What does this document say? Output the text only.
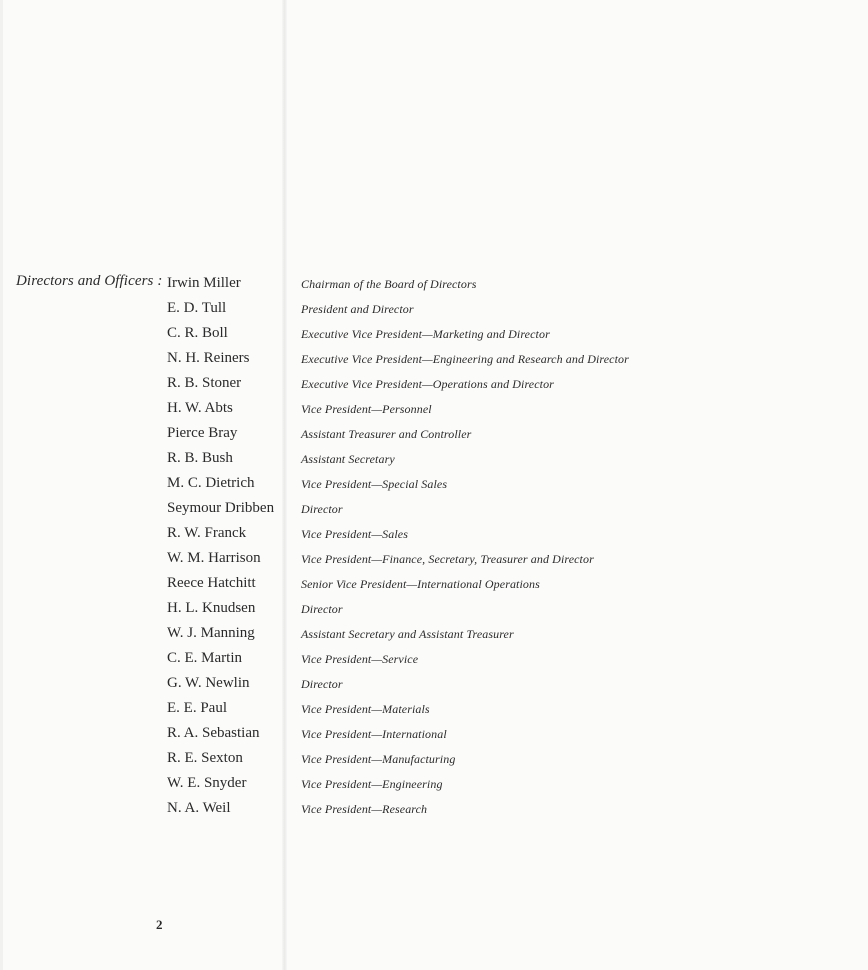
Directors and Officers : Irwin Miller	Chairman of the Board of Directors
E. D. Tull	President and Director
C. R. Boll	Executive Vice President—Marketing and Director
N. H. Reiners	Executive Vice President—Engineering and Research and Director
R. B. Stoner	Executive Vice President—Operations and Director
H. W. Abts	Vice President—Personnel
Pierce Bray	Assistant Treasurer and Controller
R. B. Bush	Assistant Secretary
M. C. Dietrich	Vice President—Special Sales
Seymour Dribben Director
R. W. Franck	Vice President—Sales
W. M. Harrison	Vice President—Finance, Secretary, Treasurer and Director
Reece Hatchitt	Senior Vice President—International Operations
H. L. Knudsen	Director
W. J. Manning	Assistant Secretary and Assistant Treasurer
C. E. Martin	Vice President—Service
G. W. Newlin	Director
E. E. Paul	Vice President—Materials
R. A. Sebastian	Vice President—International
R. E. Sexton	Vice President—Manufacturing
W. E. Snyder	Vice President—Engineering
N. A. Weil	Vice President—Research
2
